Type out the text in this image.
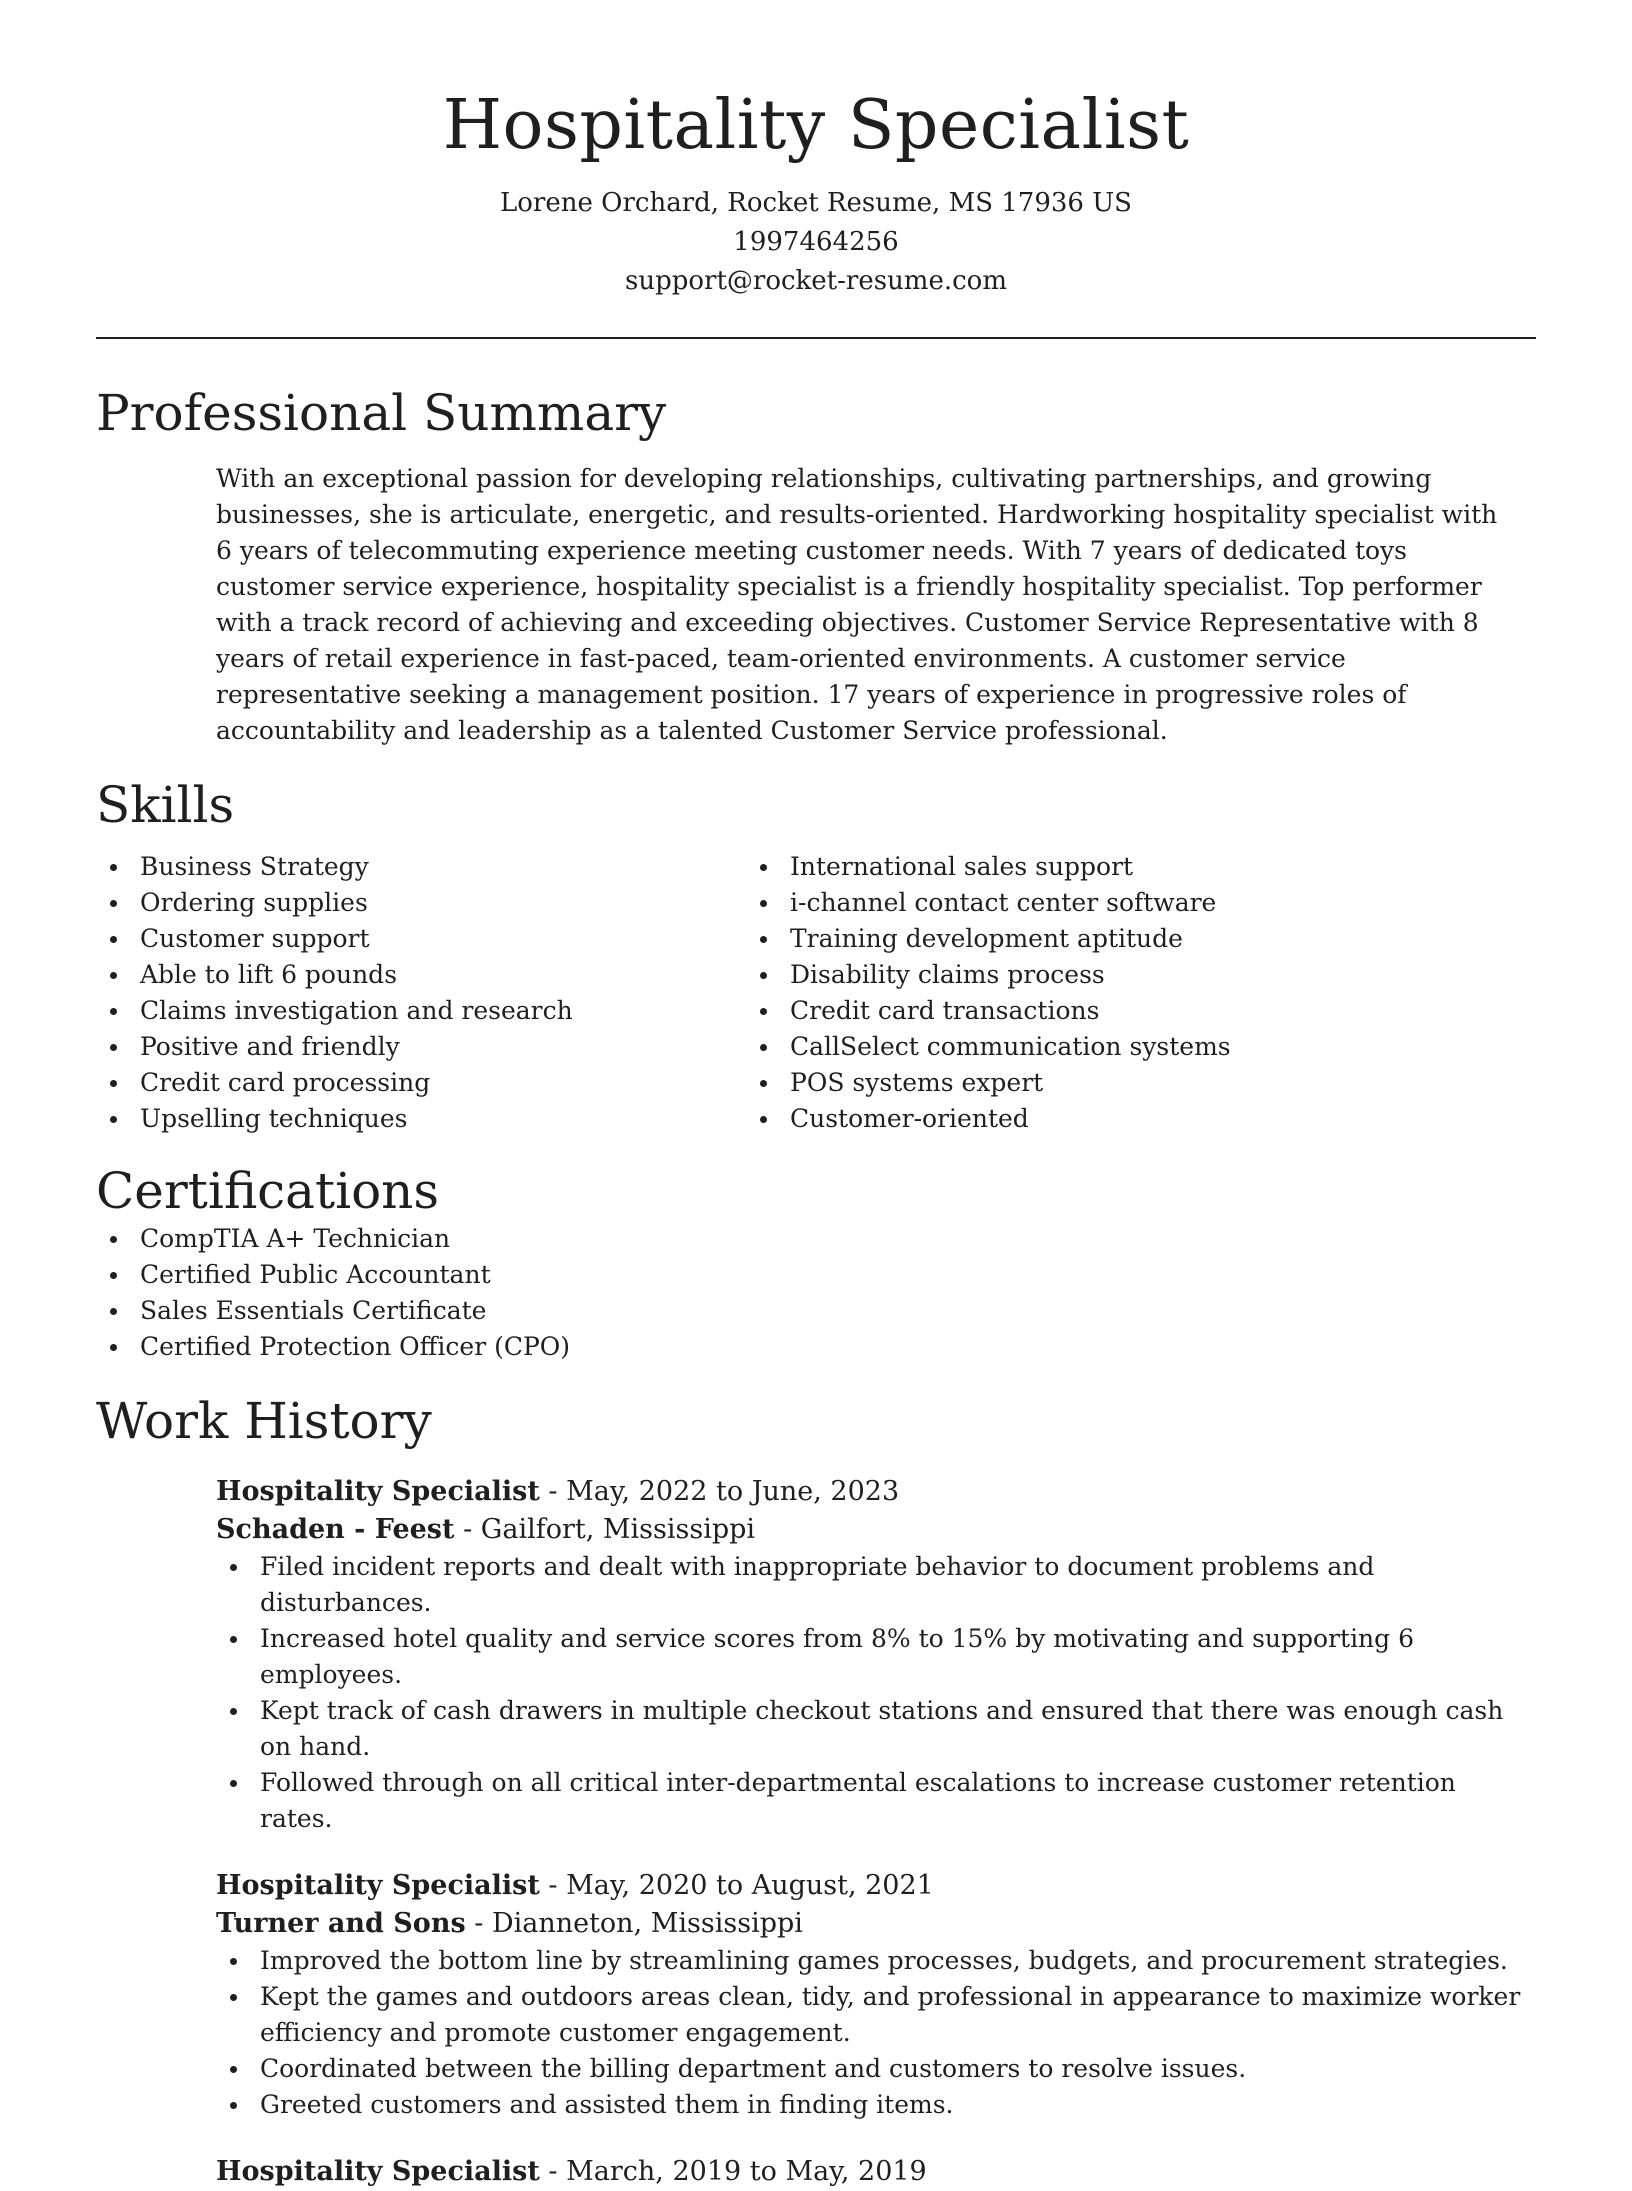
Hospitality Specialist
Lorene Orchard, Rocket Resume, MS 17936 US
1997464256
support@rocket-resume.com
Professional Summary

With an exceptional passion for developing relationships, cultivating partnerships, and growing businesses, she is articulate, energetic, and results-oriented. Hardworking hospitality specialist with 6 years of telecommuting experience meeting customer needs. With 7 years of dedicated toys customer service experience, hospitality specialist is a friendly hospitality specialist. Top performer with a track record of achieving and exceeding objectives. Customer Service Representative with 8 years of retail experience in fast-paced, team-oriented environments. A customer service representative seeking a management position. 17 years of experience in progressive roles of accountability and leadership as a talented Customer Service professional.

Skills
Business Strategy
Ordering supplies
Customer support
Able to lift 6 pounds
Claims investigation and research
Positive and friendly
Credit card processing
Upselling techniques
International sales support
i-channel contact center software
Training development aptitude
Disability claims process
Credit card transactions
CallSelect communication systems
POS systems expert
Customer-oriented
Certifications
CompTIA A+ Technician
Certified Public Accountant
Sales Essentials Certificate
Certified Protection Officer (CPO)
Work History
Hospitality Specialist - May, 2022 to June, 2023
Schaden - Feest - Gailfort, Mississippi
Filed incident reports and dealt with inappropriate behavior to document problems and disturbances.
Increased hotel quality and service scores from 8% to 15% by motivating and supporting 6 employees.
Kept track of cash drawers in multiple checkout stations and ensured that there was enough cash on hand.
Followed through on all critical inter-departmental escalations to increase customer retention rates.
Hospitality Specialist - May, 2020 to August, 2021
Turner and Sons - Dianneton, Mississippi
Improved the bottom line by streamlining games processes, budgets, and procurement strategies.
Kept the games and outdoors areas clean, tidy, and professional in appearance to maximize worker efficiency and promote customer engagement.
Coordinated between the billing department and customers to resolve issues.
Greeted customers and assisted them in finding items.
Hospitality Specialist - March, 2019 to May, 2019
